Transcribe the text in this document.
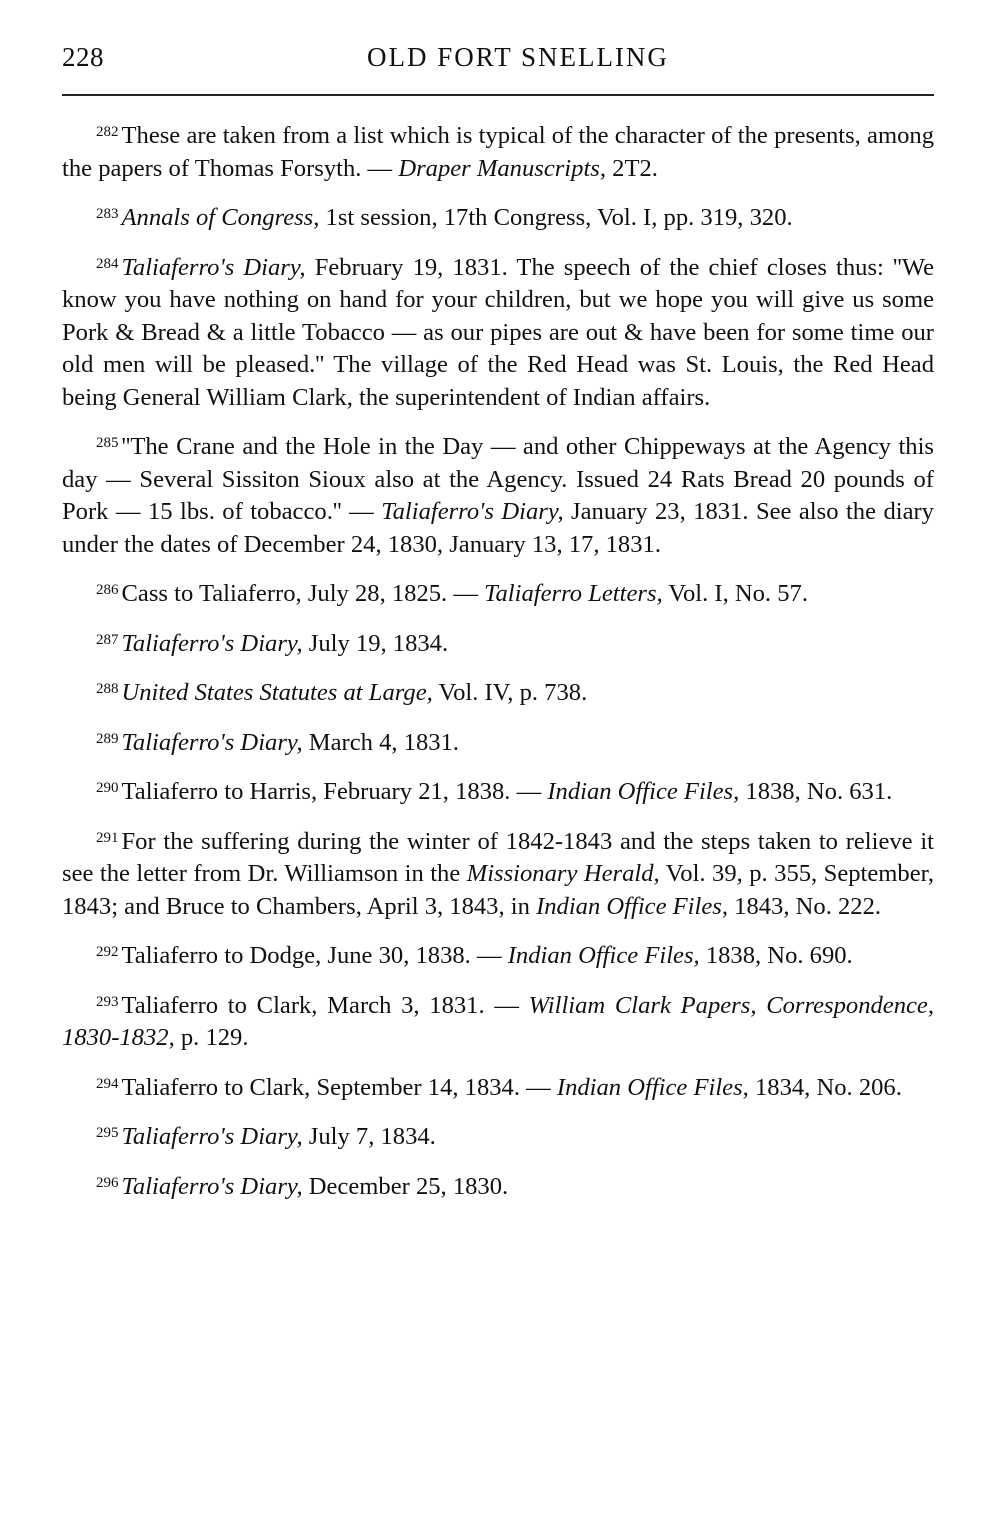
228	OLD FORT SNELLING

$^{282}$ These are taken from a list which is typical of the character of the presents, among the papers of Thomas Forsyth. — Draper Manuscripts, 2T2.

$^{283}$ Annals of Congress, 1st session, 17th Congress, Vol. I, pp. 319, 320.

$^{284}$ Taliaferro's Diary, February 19, 1831. The speech of the chief closes thus: ''We know you have nothing on hand for your children, but we hope you will give us some Pork & Bread & a little Tobacco — as our pipes are out & have been for some time our old men will be pleased.'' The village of the Red Head was St. Louis, the Red Head being General William Clark, the superintendent of Indian affairs.

$^{285}$ ''The Crane and the Hole in the Day — and other Chippeways at the Agency this day — Several Sissiton Sioux also at the Agency. Issued 24 Rats Bread 20 pounds of Pork — 15 lbs. of tobacco.'' — Taliaferro's Diary, January 23, 1831. See also the diary under the dates of December 24, 1830, January 13, 17, 1831.

$^{286}$ Cass to Taliaferro, July 28, 1825. — Taliaferro Letters, Vol. I, No. 57.

$^{287}$ Taliaferro's Diary, July 19, 1834.

$^{288}$ United States Statutes at Large, Vol. IV, p. 738.

$^{289}$ Taliaferro's Diary, March 4, 1831.

$^{290}$ Taliaferro to Harris, February 21, 1838. — Indian Office Files, 1838, No. 631.

$^{291}$ For the suffering during the winter of 1842-1843 and the steps taken to relieve it see the letter from Dr. Williamson in the Missionary Herald, Vol. 39, p. 355, September, 1843; and Bruce to Chambers, April 3, 1843, in Indian Office Files, 1843, No. 222.

$^{292}$ Taliaferro to Dodge, June 30, 1838. — Indian Office Files, 1838, No. 690.

$^{293}$ Taliaferro to Clark, March 3, 1831. — William Clark Papers, Correspondence, 1830-1832, p. 129.

$^{294}$ Taliaferro to Clark, September 14, 1834. — Indian Office Files, 1834, No. 206.

$^{295}$ Taliaferro's Diary, July 7, 1834.

$^{296}$ Taliaferro's Diary, December 25, 1830.
